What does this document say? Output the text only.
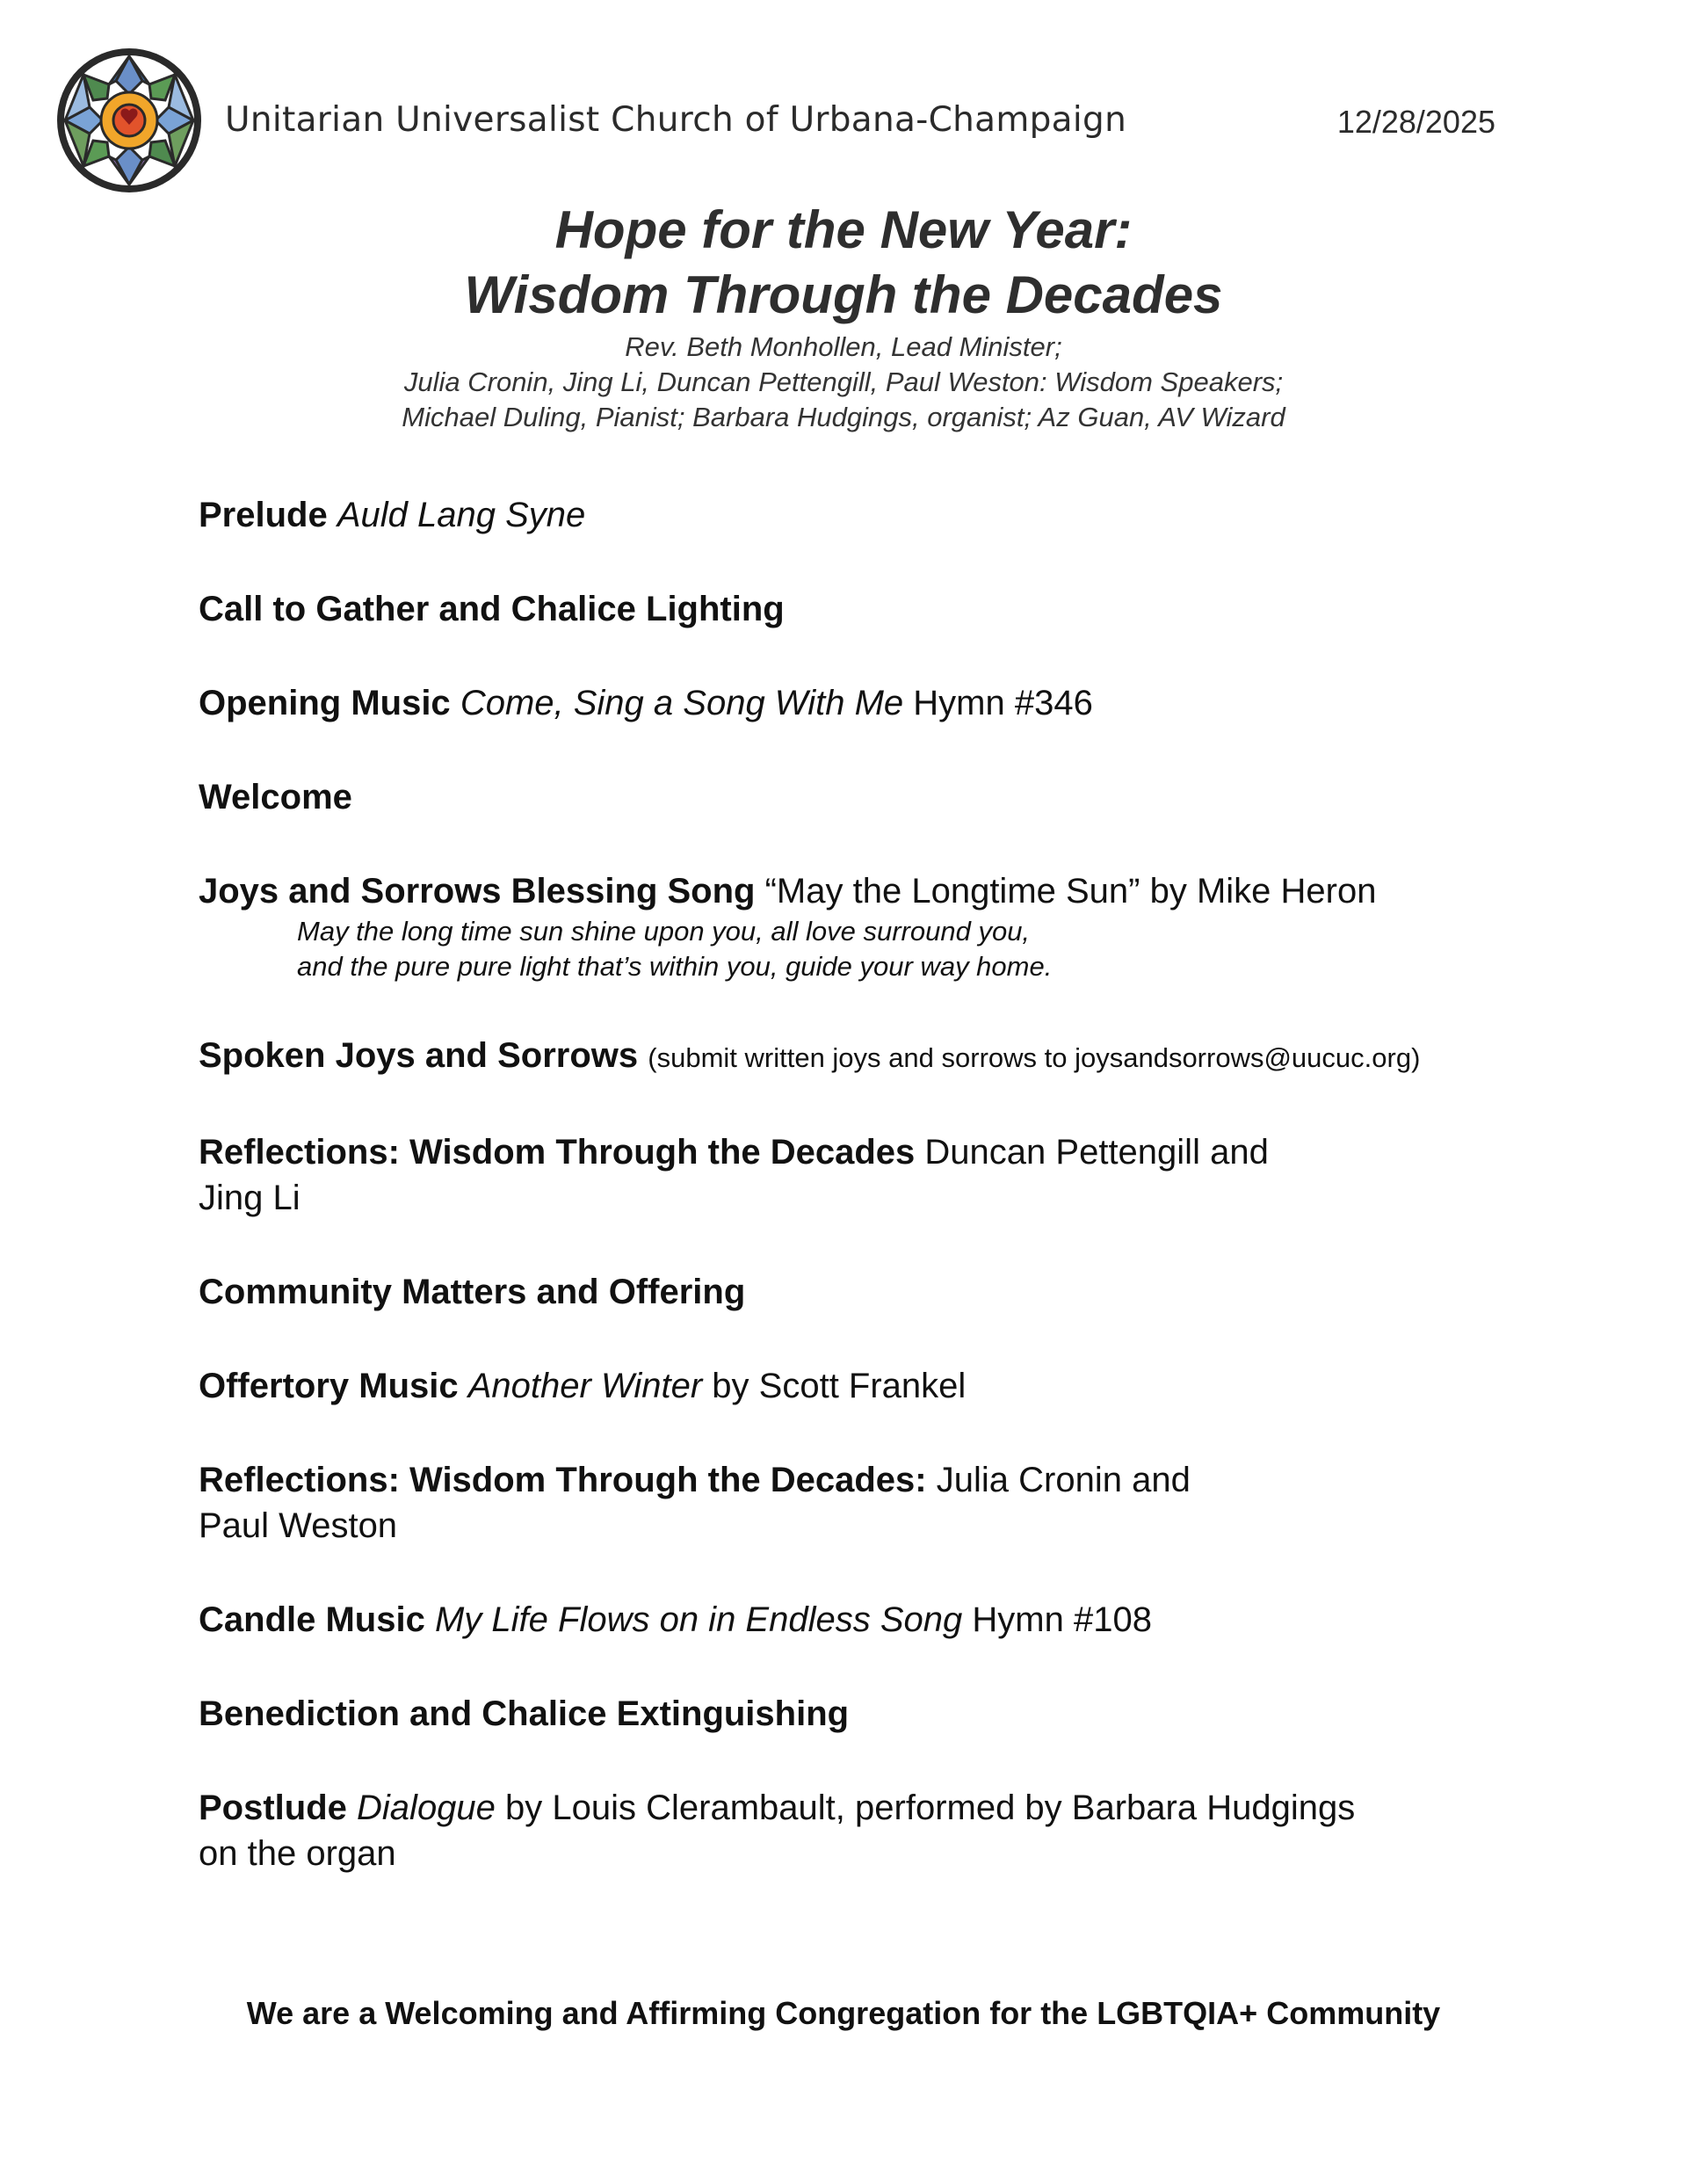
Unitarian Universalist Church of Urbana-Champaign	12/28/2025
Hope for the New Year:
Wisdom Through the Decades
Rev. Beth Monhollen, Lead Minister;
Julia Cronin, Jing Li, Duncan Pettengill, Paul Weston: Wisdom Speakers;
Michael Duling, Pianist; Barbara Hudgings, organist; Az Guan, AV Wizard
Prelude Auld Lang Syne
Call to Gather and Chalice Lighting
Opening Music Come, Sing a Song With Me Hymn #346
Welcome
Joys and Sorrows Blessing Song “May the Longtime Sun” by Mike Heron
May the long time sun shine upon you, all love surround you,
and the pure pure light that’s within you, guide your way home.
Spoken Joys and Sorrows (submit written joys and sorrows to joysandsorrows@uucuc.org)
Reflections: Wisdom Through the Decades Duncan Pettengill and
Jing Li
Community Matters and Offering
Offertory Music Another Winter by Scott Frankel
Reflections: Wisdom Through the Decades: Julia Cronin and
Paul Weston
Candle Music My Life Flows on in Endless Song Hymn #108
Benediction and Chalice Extinguishing
Postlude Dialogue by Louis Clerambault, performed by Barbara Hudgings
on the organ
We are a Welcoming and Affirming Congregation for the LGBTQIA+ Community
